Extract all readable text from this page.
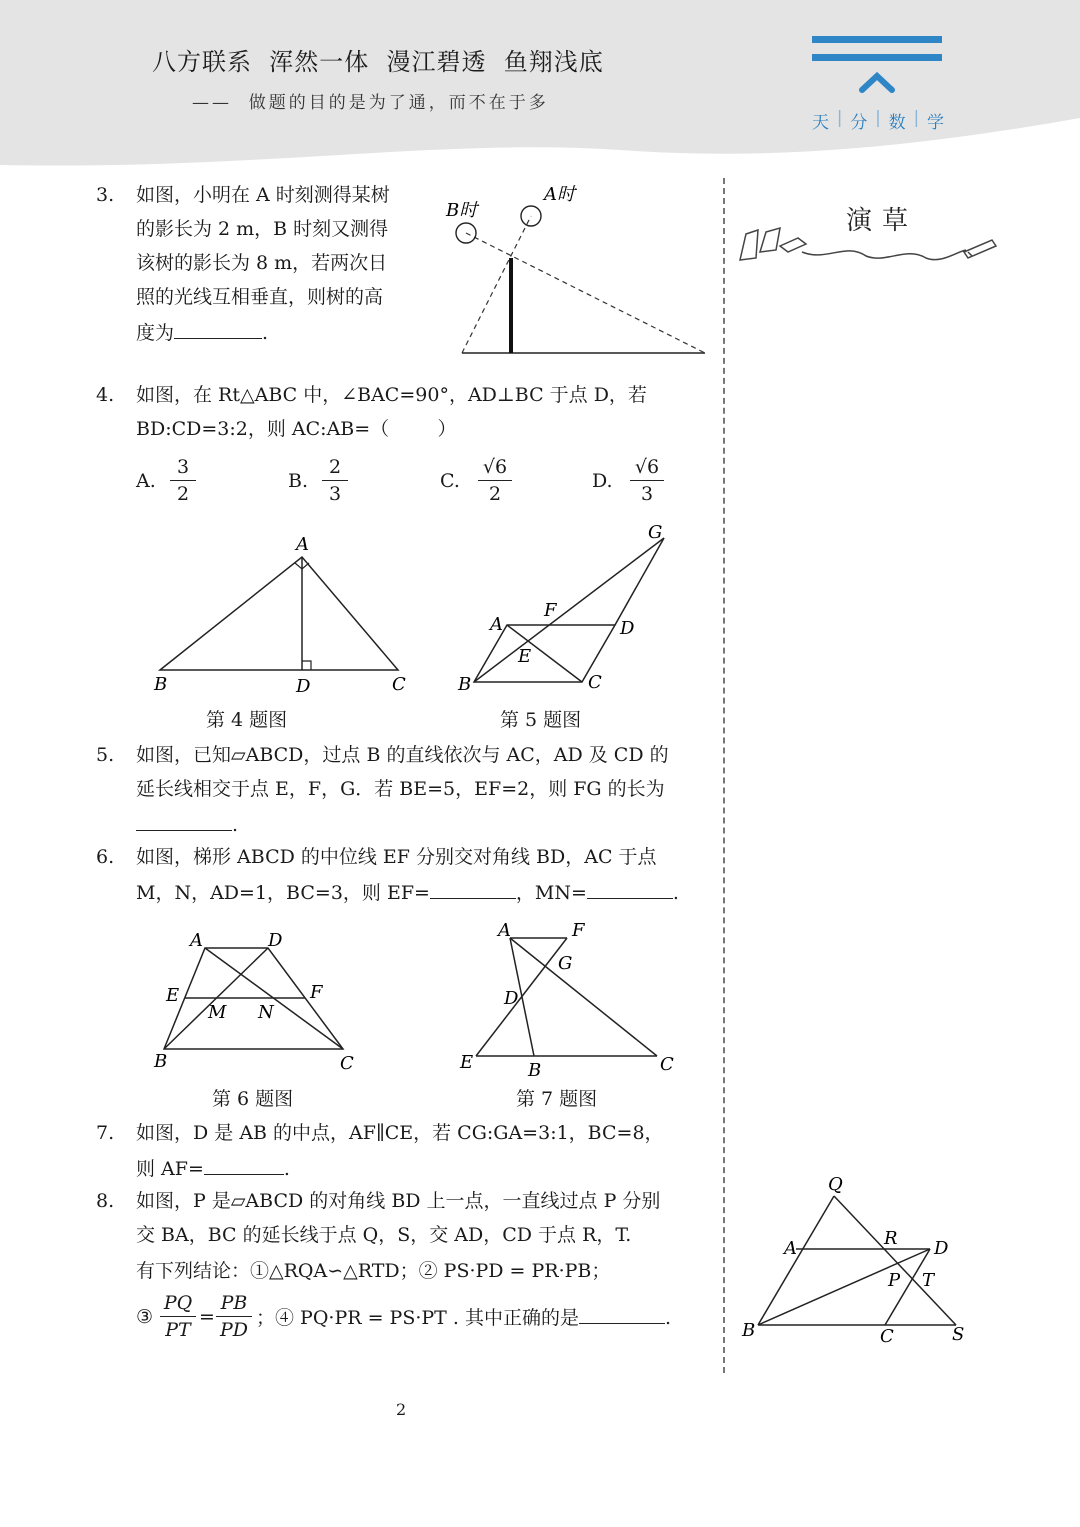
八方联系  浑然一体  漫江碧透  鱼翔浅底
——  做题的目的是为了通，而不在于多
天 | 分 | 数 | 学
演草
3. 如图，小明在 A 时刻测得某树
的影长为 2 m，B 时刻又测得
该树的影长为 8 m，若两次日
照的光线互相垂直，则树的高
度为	.
A时
B时
4. 如图，在 Rt△ABC 中，∠BAC=90°，AD⊥BC 于点 D，若
BD:CD=3:2，则 AC:AB=（        ）
A.
3
2
B.
2
3
C.
√6
2
D.
√6
3
A
B	D	C
第 4 题图
A
B	C
D
E
F
G
第 5 题图
5. 如图，已知▱ABCD，过点 B 的直线依次与 AC，AD 及 CD 的
延长线相交于点 E，F，G．若 BE=5，EF=2，则 FG 的长为
.
6. 如图，梯形 ABCD 的中位线 EF 分别交对角线 BD，AC 于点
M，N，AD=1，BC=3，则 EF=	，MN=	.
A	D
E	F
M N
B	C
第 6 题图
A	F
G
D
E	B	C
第 7 题图
7. 如图，D 是 AB 的中点，AF∥CE，若 CG:GA=3:1，BC=8，
则 AF=	.
8. 如图，P 是▱ABCD 的对角线 BD 上一点，一直线过点 P 分别
交 BA，BC 的延长线于点 Q，S，交 AD，CD 于点 R，T.
有下列结论：①△RQA∽△RTD；② PS·PD = PR·PB；
③
PQ
PT
=
PB
PD
；④ PQ·PR = PS·PT . 其中正确的是	.
Q
A	R D
P T
B	C	S
2
